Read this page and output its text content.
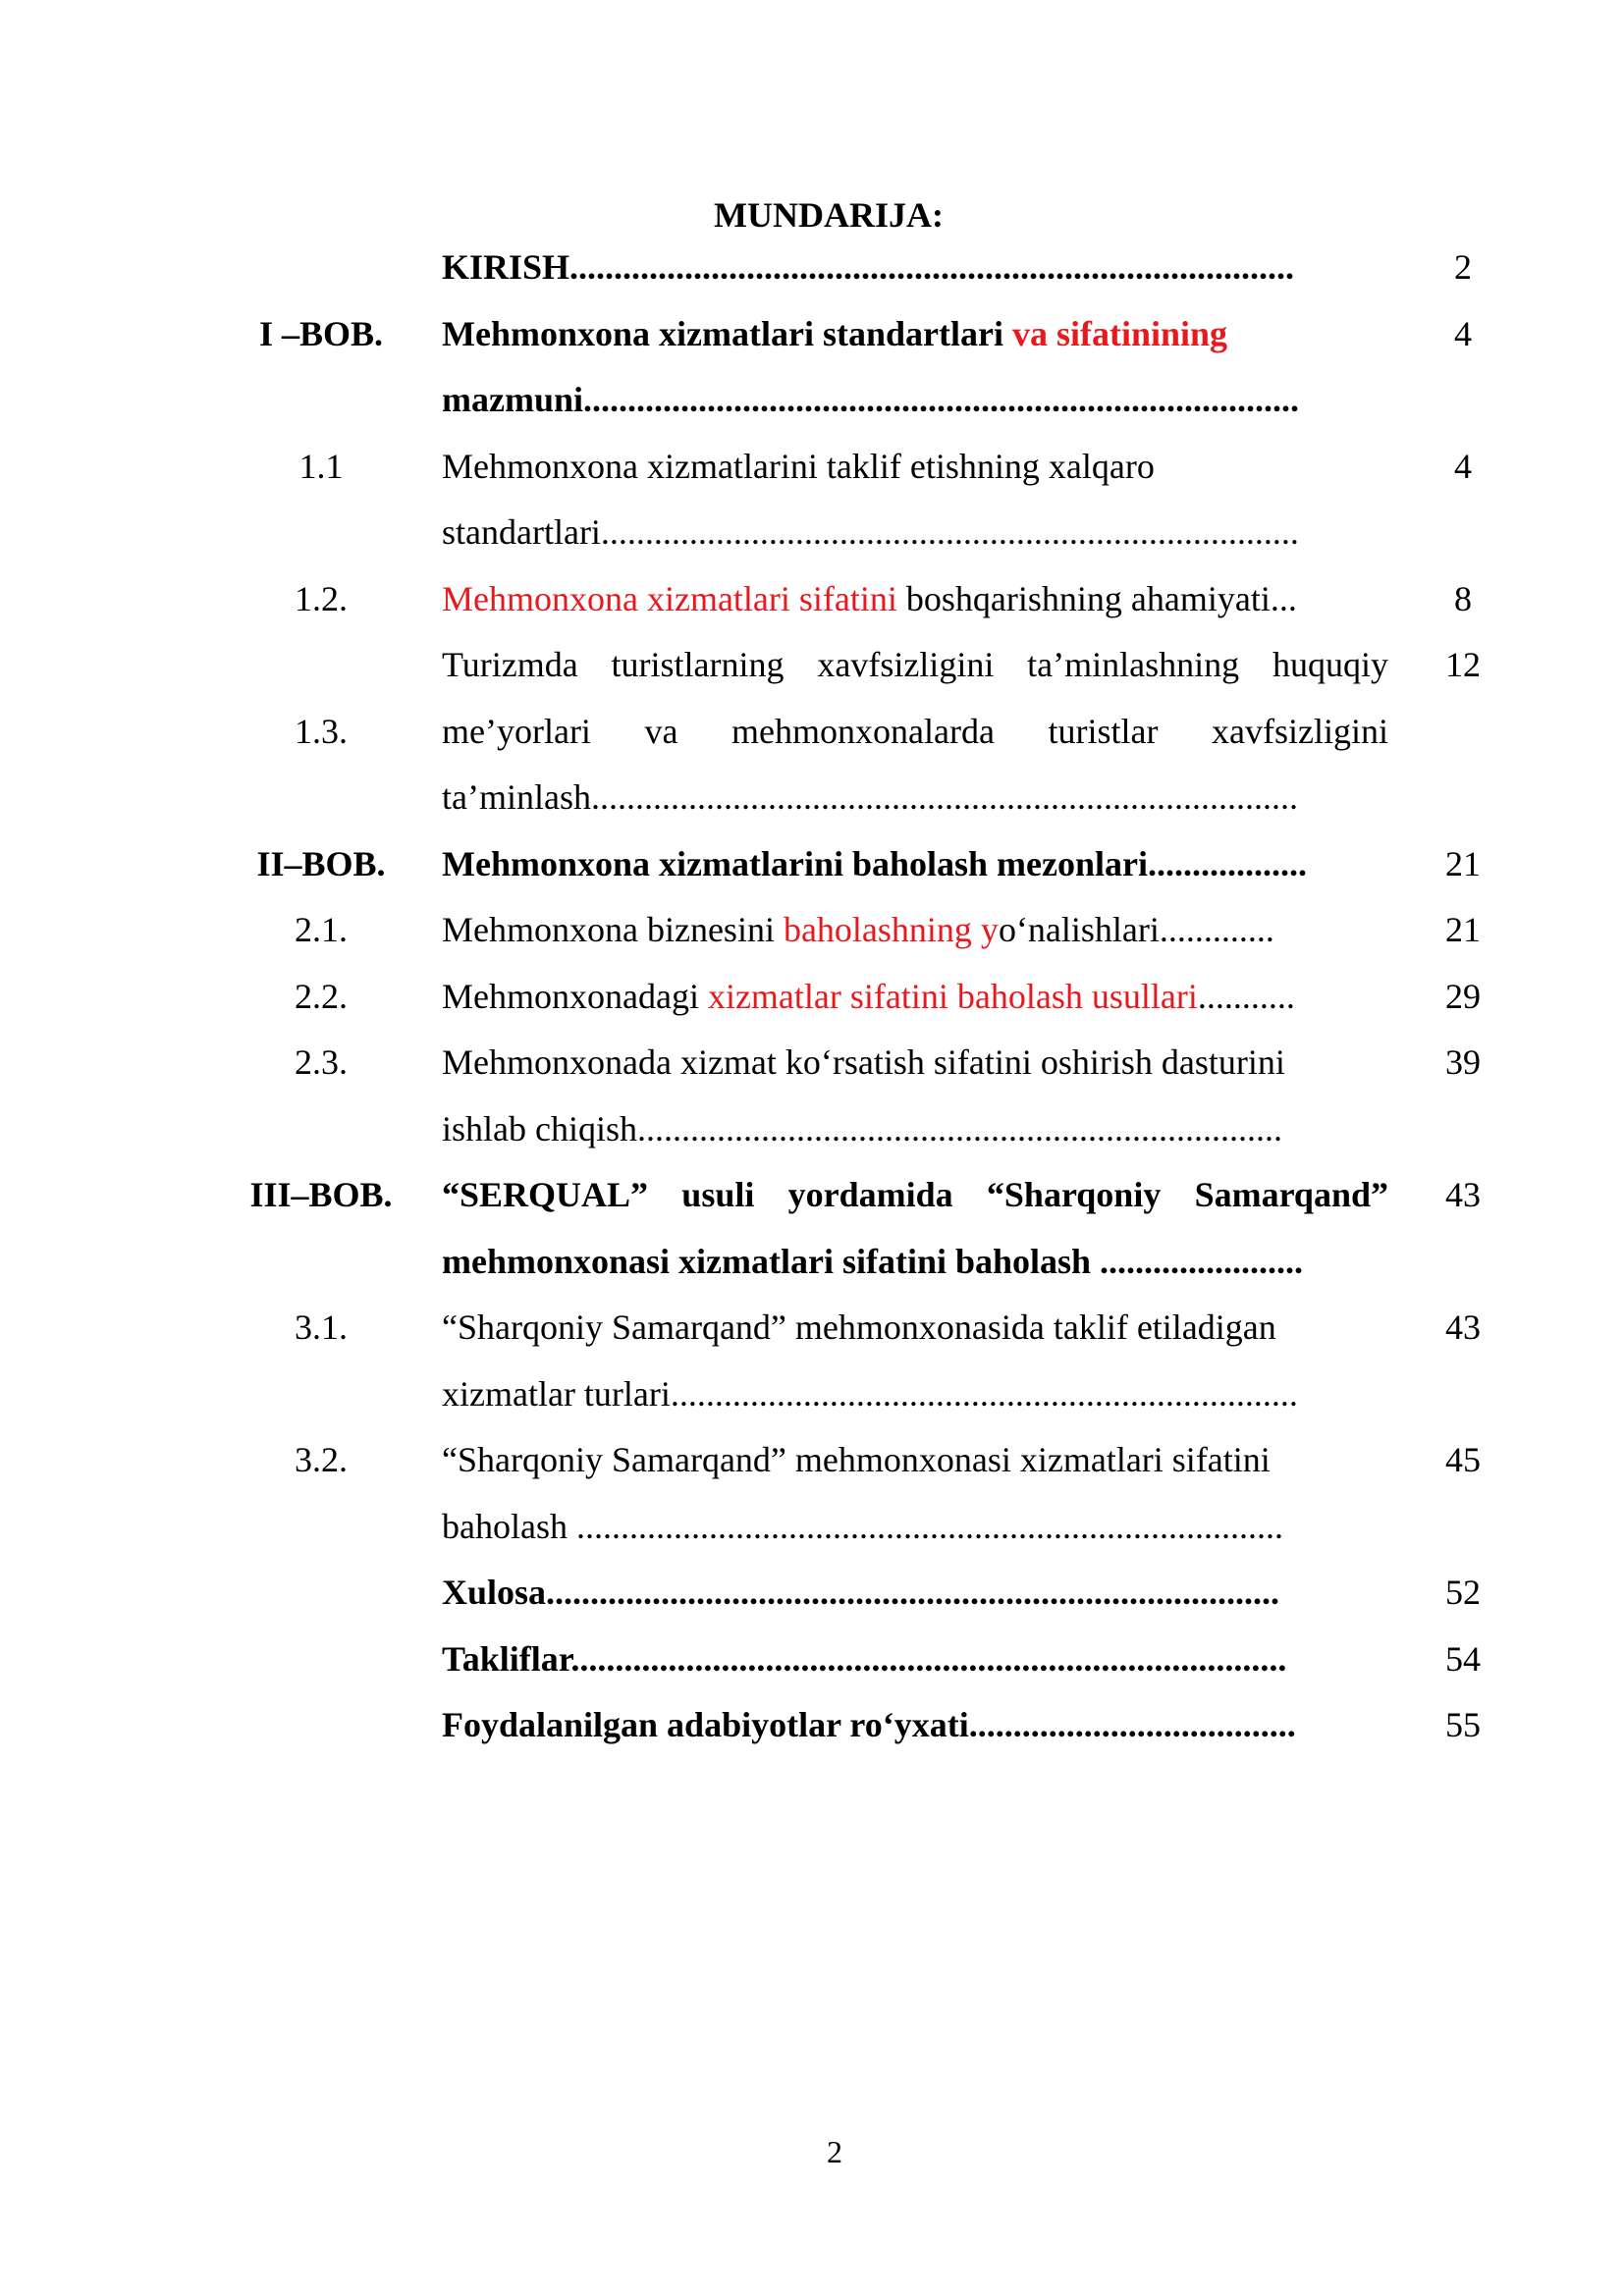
MUNDARIJA:
KIRISH..................................................................................	2
I –BOB.	Mehmonxona xizmatlari standartlari va sifatinining	4
mazmuni.................................................................................
1.1	Mehmonxona xizmatlarini taklif etishning xalqaro	4
standartlari...............................................................................
1.2.	Mehmonxona xizmatlari sifatini boshqarishning ahamiyati...	8
Turizmda turistlarning xavfsizligini ta’minlashning huquqiy	12
1.3.	me’yorlari va mehmonxonalarda turistlar xavfsizligini
ta’minlash................................................................................
II–BOB.	Mehmonxona xizmatlarini baholash mezonlari..................	21
2.1.	Mehmonxona biznesini baholashning yo‘nalishlari.............	21
2.2.	Mehmonxonadagi xizmatlar sifatini baholash usullari...........	29
2.3.	Mehmonxonada xizmat ko‘rsatish sifatini oshirish dasturini	39
ishlab chiqish.........................................................................
III–BOB.	“SERQUAL” usuli yordamida “Sharqoniy Samarqand”	43
mehmonxonasi xizmatlari sifatini baholash .......................
3.1.	“Sharqoniy Samarqand” mehmonxonasida taklif etiladigan	43
xizmatlar turlari.......................................................................
3.2.	“Sharqoniy Samarqand” mehmonxonasi xizmatlari sifatini	45
baholash ................................................................................
Xulosa...................................................................................	52
Takliflar.................................................................................	54
Foydalanilgan adabiyotlar ro‘yxati.....................................	55
2
